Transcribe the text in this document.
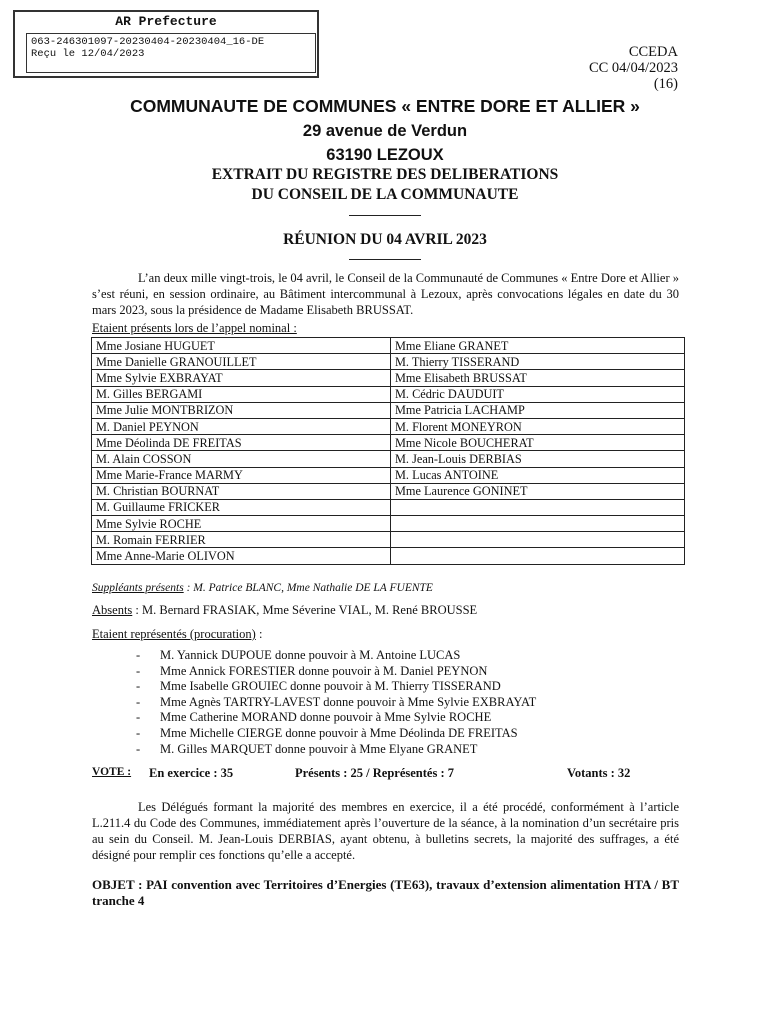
AR Prefecture
063-246301097-20230404-20230404_16-DE
Reçu le 12/04/2023	CCEDA
CC 04/04/2023
(16)
COMMUNAUTE DE COMMUNES « ENTRE DORE ET ALLIER »
29 avenue de Verdun
63190 LEZOUX
EXTRAIT DU REGISTRE DES DELIBERATIONS
DU CONSEIL DE LA COMMUNAUTE
RÉUNION DU 04 AVRIL 2023
L’an deux mille vingt-trois, le 04 avril, le Conseil de la Communauté de Communes « Entre Dore et Allier » s’est réuni, en session ordinaire, au Bâtiment intercommunal à Lezoux, après convocations légales en date du 30 mars 2023, sous la présidence de Madame Elisabeth BRUSSAT.
Etaient présents lors de l’appel nominal :
Mme Josiane HUGUET	Mme Eliane GRANET
Mme Danielle GRANOUILLET	M. Thierry TISSERAND
Mme Sylvie EXBRAYAT	Mme Elisabeth BRUSSAT
M. Gilles BERGAMI	M. Cédric DAUDUIT
Mme Julie MONTBRIZON	Mme Patricia LACHAMP
M. Daniel PEYNON	M. Florent MONEYRON
Mme Déolinda DE FREITAS	Mme Nicole BOUCHERAT
M. Alain COSSON	M. Jean-Louis DERBIAS
Mme Marie-France MARMY	M. Lucas ANTOINE
M. Christian BOURNAT	Mme Laurence GONINET
M. Guillaume FRICKER	
Mme Sylvie ROCHE	
M. Romain FERRIER	
Mme Anne-Marie OLIVON	
Suppléants présents : M. Patrice BLANC, Mme Nathalie DE LA FUENTE
Absents : M. Bernard FRASIAK, Mme Séverine VIAL, M. René BROUSSE
Etaient représentés (procuration) :
- M. Yannick DUPOUE donne pouvoir à M. Antoine LUCAS
- Mme Annick FORESTIER donne pouvoir à M. Daniel PEYNON
- Mme Isabelle GROUIEC donne pouvoir à M. Thierry TISSERAND
- Mme Agnès TARTRY-LAVEST donne pouvoir à Mme Sylvie EXBRAYAT
- Mme Catherine MORAND donne pouvoir à Mme Sylvie ROCHE
- Mme Michelle CIERGE donne pouvoir à Mme Déolinda DE FREITAS
- M. Gilles MARQUET donne pouvoir à Mme Elyane GRANET
VOTE : En exercice : 35	Présents : 25 / Représentés : 7	Votants : 32
Les Délégués formant la majorité des membres en exercice, il a été procédé, conformément à l’article L.211.4 du Code des Communes, immédiatement après l’ouverture de la séance, à la nomination d’un secrétaire pris au sein du Conseil. M. Jean-Louis DERBIAS, ayant obtenu, à bulletins secrets, la majorité des suffrages, a été désigné pour remplir ces fonctions qu’elle a accepté.
OBJET : PAI convention avec Territoires d’Energies (TE63), travaux d’extension alimentation HTA / BT tranche 4
